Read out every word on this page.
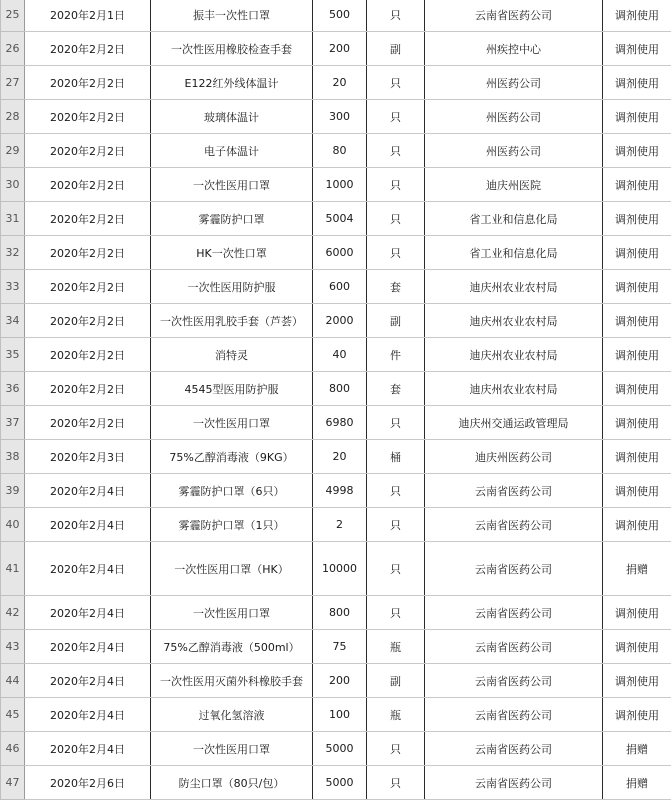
25	2020年2月1日	振丰一次性口罩	500	只	云南省医药公司	调剂使用
26	2020年2月2日	一次性医用橡胶检查手套	200	副	州疾控中心	调剂使用
27	2020年2月2日	E122红外线体温计	20	只	州医药公司	调剂使用
28	2020年2月2日	玻璃体温计	300	只	州医药公司	调剂使用
29	2020年2月2日	电子体温计	80	只	州医药公司	调剂使用
30	2020年2月2日	一次性医用口罩	1000	只	迪庆州医院	调剂使用
31	2020年2月2日	雾霾防护口罩	5004	只	省工业和信息化局	调剂使用
32	2020年2月2日	HK一次性口罩	6000	只	省工业和信息化局	调剂使用
33	2020年2月2日	一次性医用防护服	600	套	迪庆州农业农村局	调剂使用
34	2020年2月2日	一次性医用乳胶手套（芦荟）	2000	副	迪庆州农业农村局	调剂使用
35	2020年2月2日	消特灵	40	件	迪庆州农业农村局	调剂使用
36	2020年2月2日	4545型医用防护服	800	套	迪庆州农业农村局	调剂使用
37	2020年2月2日	一次性医用口罩	6980	只	迪庆州交通运政管理局	调剂使用
38	2020年2月3日	75%乙醇消毒液（9KG）	20	桶	迪庆州医药公司	调剂使用
39	2020年2月4日	雾霾防护口罩（6只）	4998	只	云南省医药公司	调剂使用
40	2020年2月4日	雾霾防护口罩（1只）	2	只	云南省医药公司	调剂使用
41	2020年2月4日	一次性医用口罩（HK）	10000	只	云南省医药公司	捐赠
42	2020年2月4日	一次性医用口罩	800	只	云南省医药公司	调剂使用
43	2020年2月4日	75%乙醇消毒液（500ml）	75	瓶	云南省医药公司	调剂使用
44	2020年2月4日	一次性医用灭菌外科橡胶手套	200	副	云南省医药公司	调剂使用
45	2020年2月4日	过氧化氢溶液	100	瓶	云南省医药公司	调剂使用
46	2020年2月4日	一次性医用口罩	5000	只	云南省医药公司	捐赠
47	2020年2月6日	防尘口罩（80只/包）	5000	只	云南省医药公司	捐赠
